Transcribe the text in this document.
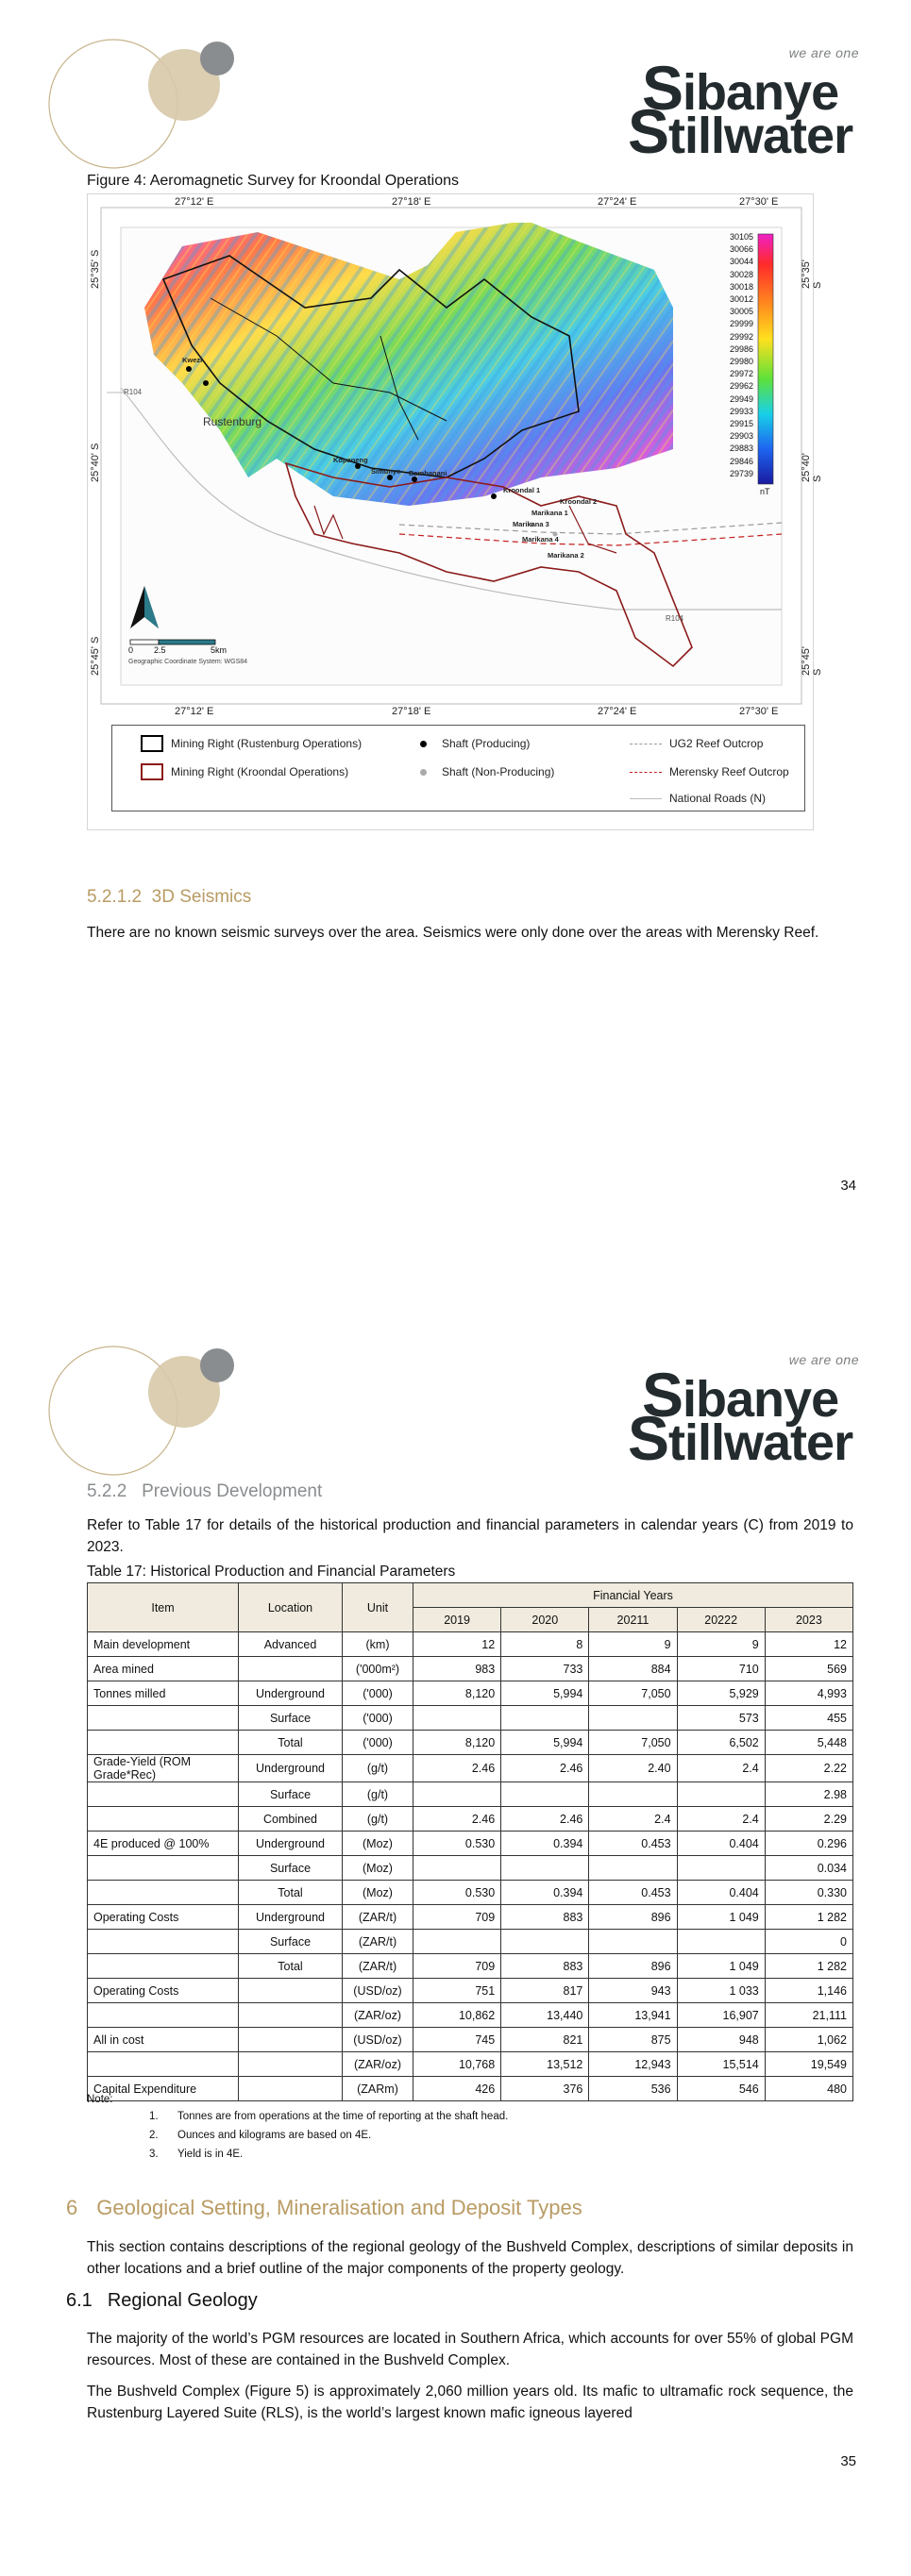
we are one
Sibanye
Stillwater
Figure 4: Aeromagnetic Survey for Kroondal Operations
R104
R104
Rustenburg
Kopaneng
Simunye Bambanani
Kwezi
Kroondal 1
Marikana 1
Marikana 2
Marikana 3
Marikana 4
Kroondal 2
27°12' E	27°18' E	27°24' E	27°30' E
27°12' E	27°18' E	27°24' E	27°30' E
25°35' S
25°40' S
25°45' S
25°35' S
25°40' S
25°45' S
30105
30066
30044
30028
30018
30012
30005
29999
29992
29986
29980
29972
29962
29949
29933
29915
29903
29883
29846
29739
nT
0 2.5	5km
Geographic Coordinate System: WGS84
Mining Right (Rustenburg Operations)
Mining Right (Kroondal Operations)
Shaft (Producing)
Shaft (Non-Producing)
UG2 Reef Outcrop
Merensky Reef Outcrop
National Roads (N)
5.2.1.2 3D Seismics
There are no known seismic surveys over the area. Seismics were only done over the areas with Merensky Reef.
34
we are one
Sibanye
Stillwater
5.2.2 Previous Development
Refer to Table 17 for details of the historical production and financial parameters in calendar years (C) from 2019 to 2023.
Table 17: Historical Production and Financial Parameters
Item	Location	Unit	Financial Years				
			2019	2020	20211	20222	2023
Main development	Advanced	(km)	12	8	9	9	12
Area mined		('000m²)	983	733	884	710	569
Tonnes milled	Underground	('000)	8,120	5,994	7,050	5,929	4,993
	Surface	('000)				573	455
	Total	('000)	8,120	5,994	7,050	6,502	5,448
Grade-Yield (ROM Grade*Rec)	Underground	(g/t)	2.46	2.46	2.40	2.4	2.22
	Surface	(g/t)					2.98
	Combined	(g/t)	2.46	2.46	2.4	2.4	2.29
4E produced @ 100%	Underground	(Moz)	0.530	0.394	0.453	0.404	0.296
	Surface	(Moz)					0.034
	Total	(Moz)	0.530	0.394	0.453	0.404	0.330
Operating Costs	Underground	(ZAR/t)	709	883	896	1 049	1 282
	Surface	(ZAR/t)					0
	Total	(ZAR/t)	709	883	896	1 049	1 282
Operating Costs		(USD/oz)	751	817	943	1 033	1,146
		(ZAR/oz)	10,862	13,440	13,941	16,907	21,111
All in cost		(USD/oz)	745	821	875	948	1,062
		(ZAR/oz)	10,768	13,512	12,943	15,514	19,549
Capital Expenditure		(ZARm)	426	376	536	546	480
Note:
1. Tonnes are from operations at the time of reporting at the shaft head.
2. Ounces and kilograms are based on 4E.
3. Yield is in 4E.
6 Geological Setting, Mineralisation and Deposit Types
This section contains descriptions of the regional geology of the Bushveld Complex, descriptions of similar deposits in other locations and a brief outline of the major components of the property geology.
6.1 Regional Geology
The majority of the world’s PGM resources are located in Southern Africa, which accounts for over 55% of global PGM resources. Most of these are contained in the Bushveld Complex.
The Bushveld Complex (Figure 5) is approximately 2,060 million years old. Its mafic to ultramafic rock sequence, the Rustenburg Layered Suite (RLS), is the world’s largest known mafic igneous layered
35
